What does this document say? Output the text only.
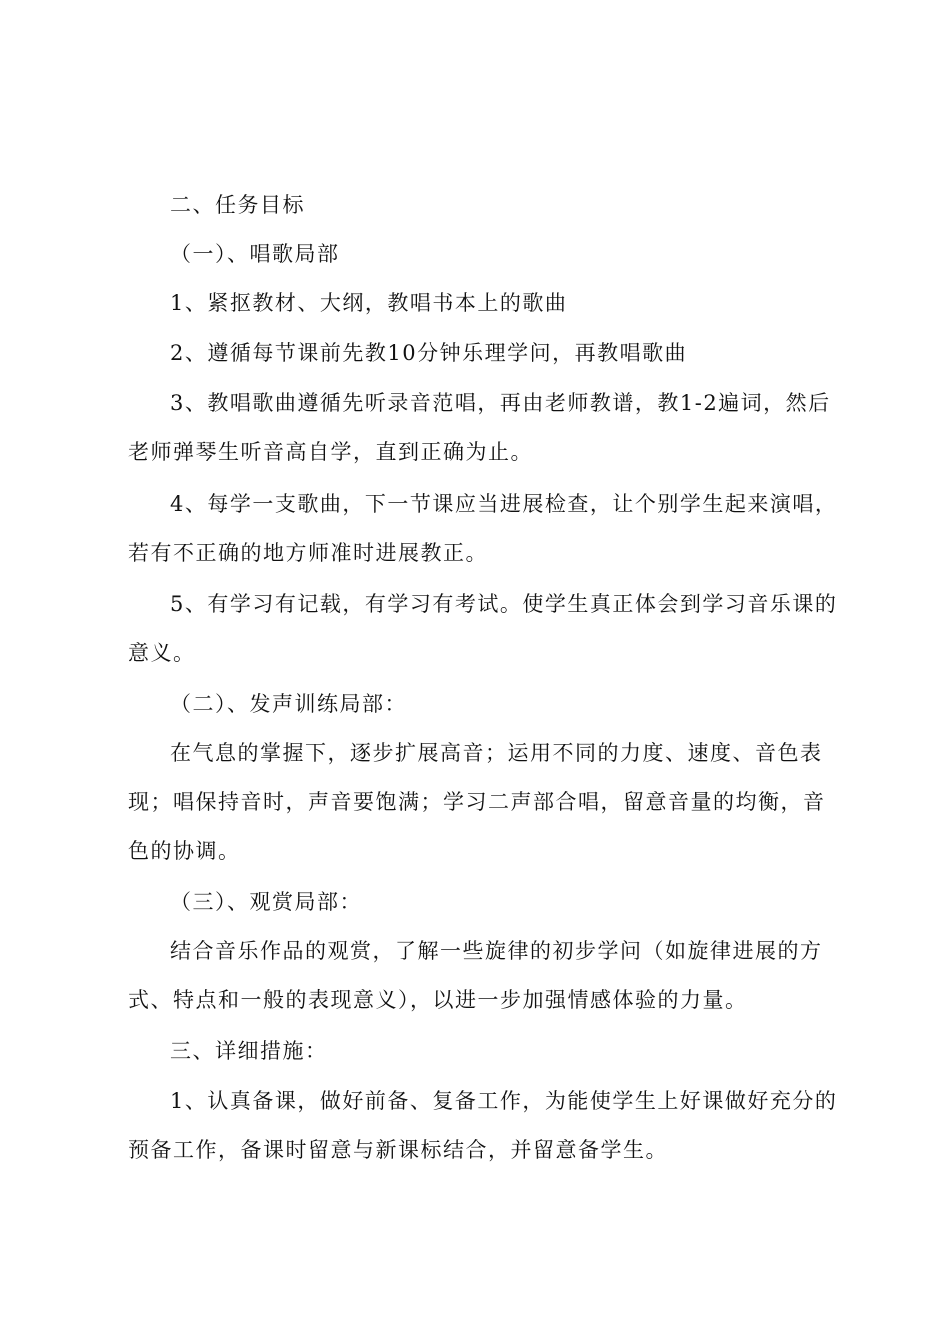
二、任务目标

（一）、唱歌局部

1、紧抠教材、大纲，教唱书本上的歌曲

2、遵循每节课前先教10分钟乐理学问，再教唱歌曲

3、教唱歌曲遵循先听录音范唱，再由老师教谱，教1-2遍词，然后
老师弹琴生听音高自学，直到正确为止。

4、每学一支歌曲，下一节课应当进展检查，让个别学生起来演唱，
若有不正确的地方师准时进展教正。

5、有学习有记载，有学习有考试。使学生真正体会到学习音乐课的
意义。

（二）、发声训练局部：

在气息的掌握下，逐步扩展高音；运用不同的力度、速度、音色表
现；唱保持音时，声音要饱满；学习二声部合唱，留意音量的均衡，音
色的协调。

（三）、观赏局部：

结合音乐作品的观赏，了解一些旋律的初步学问（如旋律进展的方
式、特点和一般的表现意义），以进一步加强情感体验的力量。

三、详细措施：

1、认真备课，做好前备、复备工作，为能使学生上好课做好充分的
预备工作，备课时留意与新课标结合，并留意备学生。
